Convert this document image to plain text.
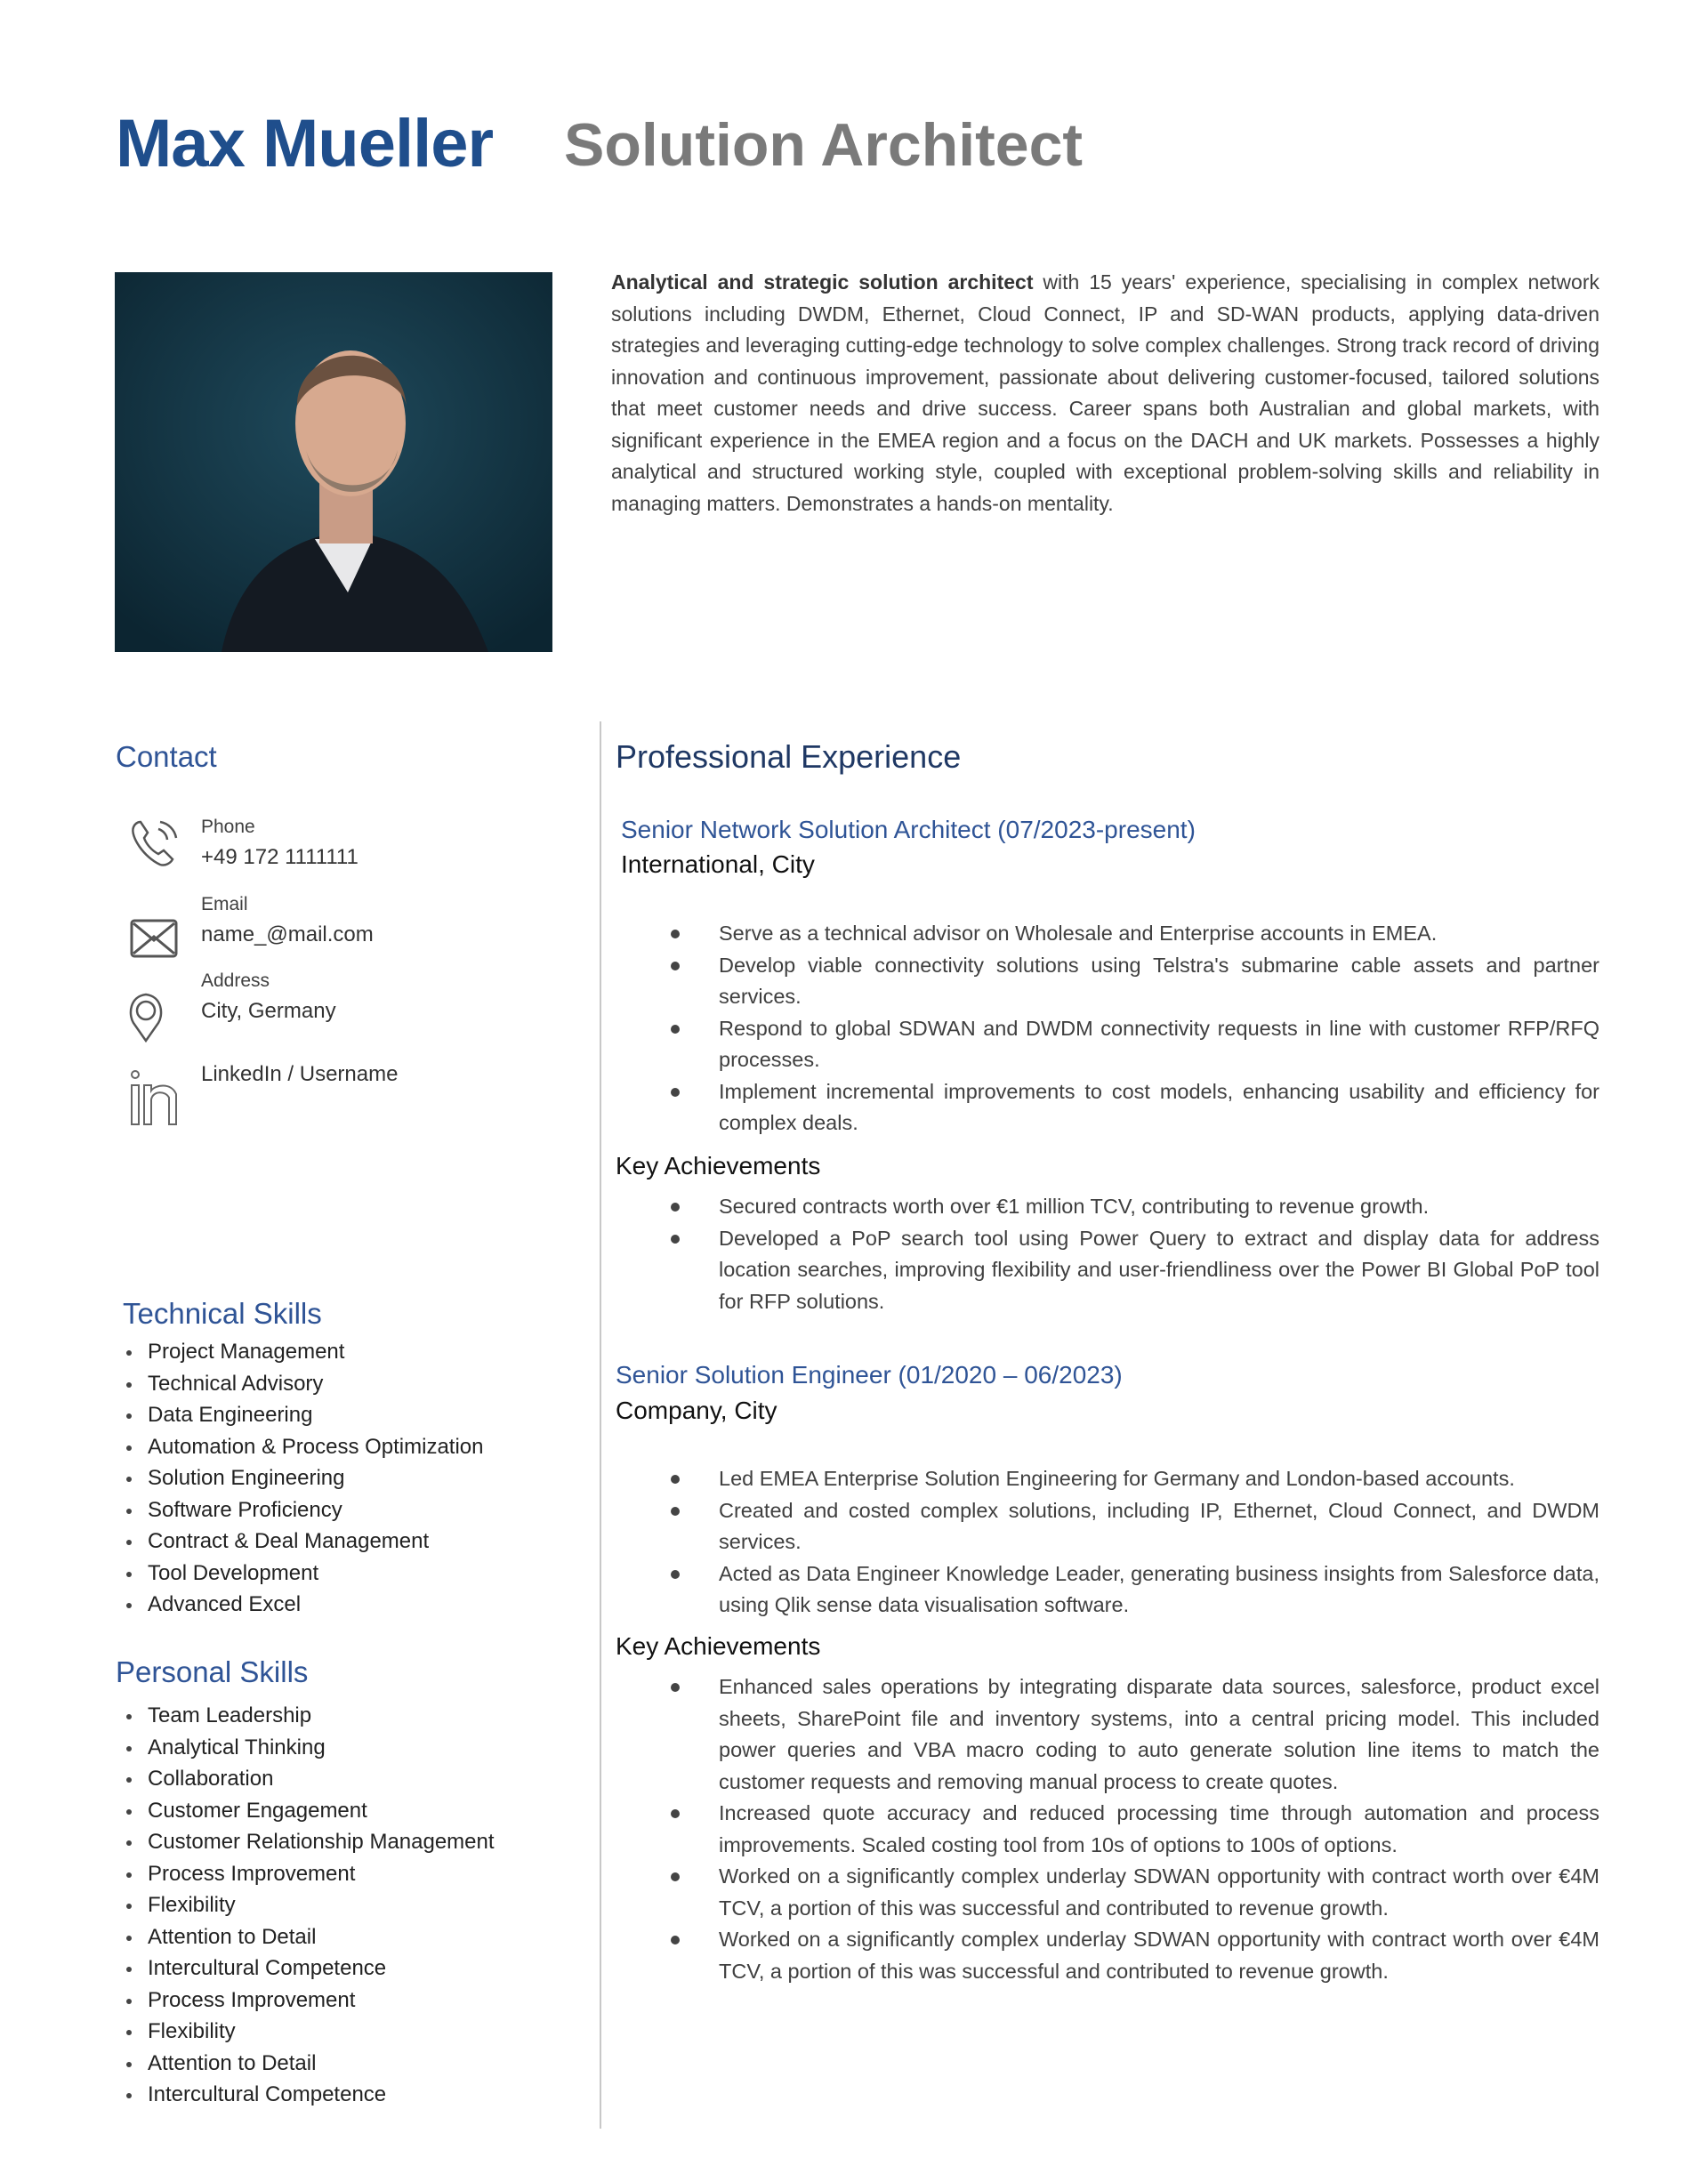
Max Mueller Solution Architect
Analytical and strategic solution architect with 15 years' experience, specialising in complex network solutions including DWDM, Ethernet, Cloud Connect, IP and SD-WAN products, applying data-driven strategies and leveraging cutting-edge technology to solve complex challenges. Strong track record of driving innovation and continuous improvement, passionate about delivering customer-focused, tailored solutions that meet customer needs and drive success. Career spans both Australian and global markets, with significant experience in the EMEA region and a focus on the DACH and UK markets. Possesses a highly analytical and structured working style, coupled with exceptional problem-solving skills and reliability in managing matters. Demonstrates a hands-on mentality.
Contact
Phone
+49 172 1111111
Email
name_@mail.com
Address
City, Germany
LinkedIn / Username
Technical Skills
Project Management
Technical Advisory
Data Engineering
Automation & Process Optimization
Solution Engineering
Software Proficiency
Contract & Deal Management
Tool Development
Advanced Excel
Personal Skills
Team Leadership
Analytical Thinking
Collaboration
Customer Engagement
Customer Relationship Management
Process Improvement
Flexibility
Attention to Detail
Intercultural Competence
Process Improvement
Flexibility
Attention to Detail
Intercultural Competence
Professional Experience
Senior Network Solution Architect (07/2023-present)
International, City
Serve as a technical advisor on Wholesale and Enterprise accounts in EMEA.
Develop viable connectivity solutions using Telstra's submarine cable assets and partner services.
Respond to global SDWAN and DWDM connectivity requests in line with customer RFP/RFQ processes.
Implement incremental improvements to cost models, enhancing usability and efficiency for complex deals.
Key Achievements
Secured contracts worth over €1 million TCV, contributing to revenue growth.
Developed a PoP search tool using Power Query to extract and display data for address location searches, improving flexibility and user-friendliness over the Power BI Global PoP tool for RFP solutions.
Senior Solution Engineer (01/2020 – 06/2023)
Company, City
Led EMEA Enterprise Solution Engineering for Germany and London-based accounts.
Created and costed complex solutions, including IP, Ethernet, Cloud Connect, and DWDM services.
Acted as Data Engineer Knowledge Leader, generating business insights from Salesforce data, using Qlik sense data visualisation software.
Key Achievements
Enhanced sales operations by integrating disparate data sources, salesforce, product excel sheets, SharePoint file and inventory systems, into a central pricing model. This included power queries and VBA macro coding to auto generate solution line items to match the customer requests and removing manual process to create quotes.
Increased quote accuracy and reduced processing time through automation and process improvements. Scaled costing tool from 10s of options to 100s of options.
Worked on a significantly complex underlay SDWAN opportunity with contract worth over €4M TCV, a portion of this was successful and contributed to revenue growth.
Worked on a significantly complex underlay SDWAN opportunity with contract worth over €4M TCV, a portion of this was successful and contributed to revenue growth.
